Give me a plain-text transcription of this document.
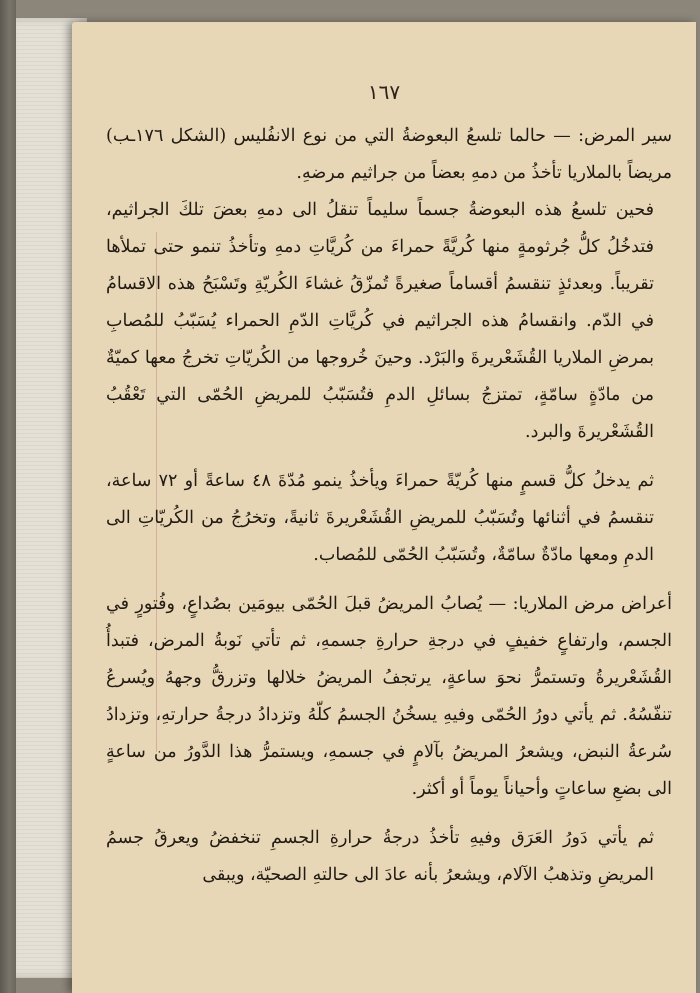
١٦٧

سير المرض: — حالما تلسعُ البعوضةُ التي من نوع الانفُليس (الشكل ١٧٦ـب) مريضاً بالملاريا تأخذُ من دمهِ بعضاً من جراثيم مرضهِ.

فحين تلسعُ هذه البعوضةُ جسماً سليماً تنقلُ الى دمهِ بعضَ تلكَ الجراثيم، فتدخُلُ كلُّ جُرثومةٍ منها كُريَّةً حمراءَ من كُريَّاتِ دمهِ وتأخذُ تنمو حتى تملأها تقريباً. وبعدئذٍ تنقسمُ أقساماً صغيرةً تُمزّقُ غشاءَ الكُريّةِ وتَسْبَحُ هذه الاقسامُ في الدّم. وانقسامُ هذه الجراثيم في كُريَّاتِ الدّمِ الحمراء يُسَبّبُ للمُصابِ بمرضِ الملاريا القُشَعْريرةَ والبَرْد. وحينَ خُروجها من الكُريّاتِ تخرجُ معها كميّةٌ من مادّةٍ سامّةٍ، تمتزجُ بسائلِ الدمِ فتُسَبّبُ للمريضِ الحُمّى التي تَعْقُبُ القُشَعْريرةَ والبرد.

ثم يدخلُ كلُّ قسمٍ منها كُريّةً حمراءَ ويأخذُ ينمو مُدّةَ ٤٨ ساعةً أو ٧٢ ساعة، تنقسمُ في أثنائها وتُسَبّبُ للمريضِ القُشَعْريرةَ ثانيةً، وتخرُجُ من الكُريّاتِ الى الدمِ ومعها مادّةٌ سامّةٌ، وتُسَبّبُ الحُمّى للمُصاب.

أعراض مرض الملاريا: — يُصابُ المريضُ قبلَ الحُمّى بيومَين بصُداعٍ، وفُتورٍ في الجسم، وارتفاعٍ خفيفٍ في درجةِ حرارةِ جسمهِ، ثم تأتي نَوبةُ المرض، فتبدأُ القُشَعْريرةُ وتستمرُّ نحوَ ساعةٍ، يرتجفُ المريضُ خلالها وتزرقُّ وجههُ ويُسرعُ تنفّسُهُ. ثم يأتي دورُ الحُمّى وفيهِ يسخُنُ الجسمُ كلّهُ وتزدادُ درجةُ حرارتهِ، وتزدادُ سُرعةُ النبض، ويشعرُ المريضُ بآلامٍ في جسمهِ، ويستمرُّ هذا الدَّورُ من ساعةٍ الى بضعِ ساعاتٍ وأحياناً يوماً أو أكثر.

ثم يأتي دَورُ العَرَق وفيهِ تأخذُ درجةُ حرارةِ الجسمِ تنخفضُ ويعرقُ جسمُ المريضِ وتذهبُ الآلام، ويشعرُ بأنه عادَ الى حالتهِ الصحيّة، ويبقى
